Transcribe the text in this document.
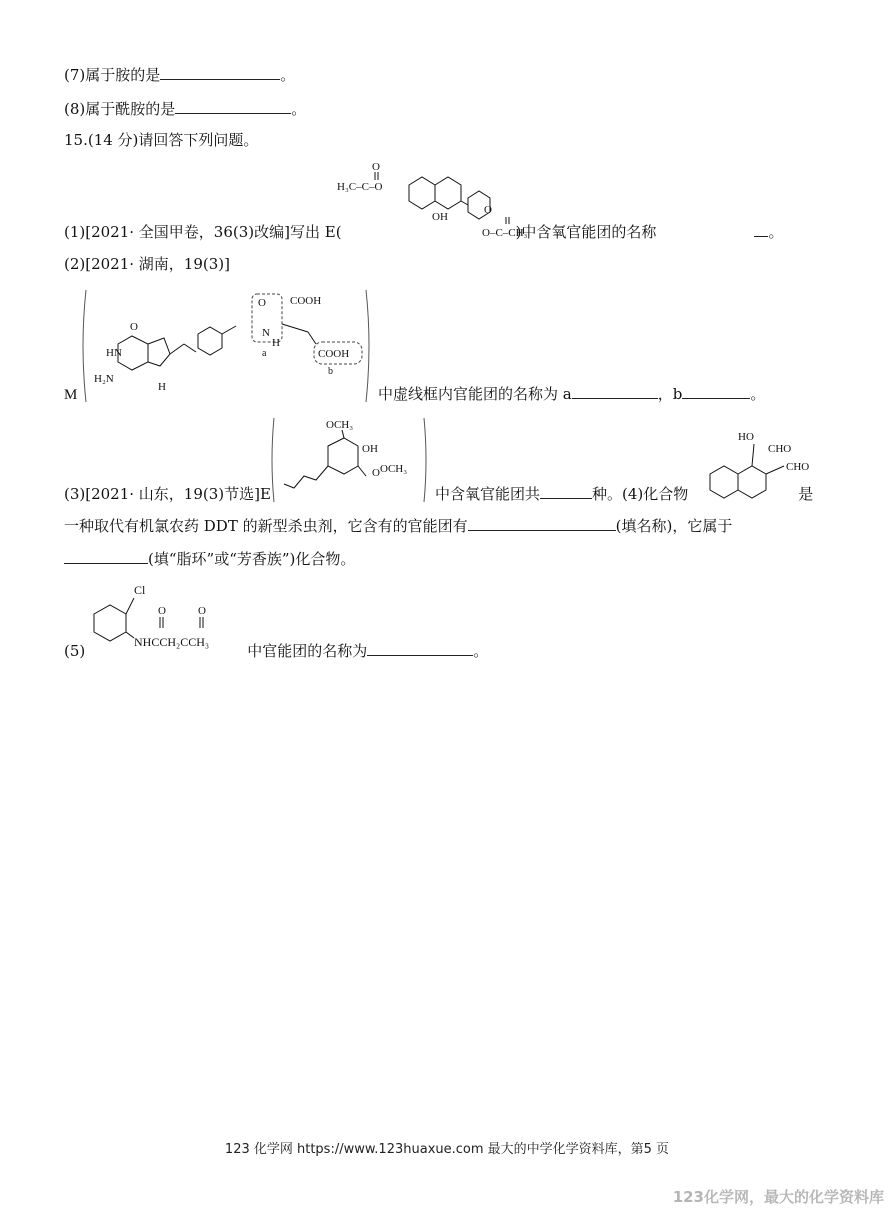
(7)属于胺的是	。
(8)属于酰胺的是	。
15.(14 分)请回答下列问题。
O
H₃C–C–O
OH
O
O–C–CH₃
(1)[2021· 全国甲卷，36(3)改编]写出 E(	)中含氧官能团的名称	。
(2)[2021· 湖南，19(3)]
M
O
HN
H₂N
H
O
N
H
a
COOH
COOH
b
中虚线框内官能团的名称为 a	，b	。
OCH₃
OH
O OCH₃
HO
CHO
CHO
(3)[2021· 山东，19(3)节选]E	中含氧官能团共	种。(4)化合物	是
一种取代有机氯农药 DDT 的新型杀虫剂，它含有的官能团有	(填名称)，它属于
(填“脂环”或“芳香族”)化合物。
Cl
O	O
NHCCH₂CCH₃
(5)	中官能团的名称为	。
123 化学网 https://www.123huaxue.com 最大的中学化学资料库，第5 页
123化学网，最大的化学资料库
